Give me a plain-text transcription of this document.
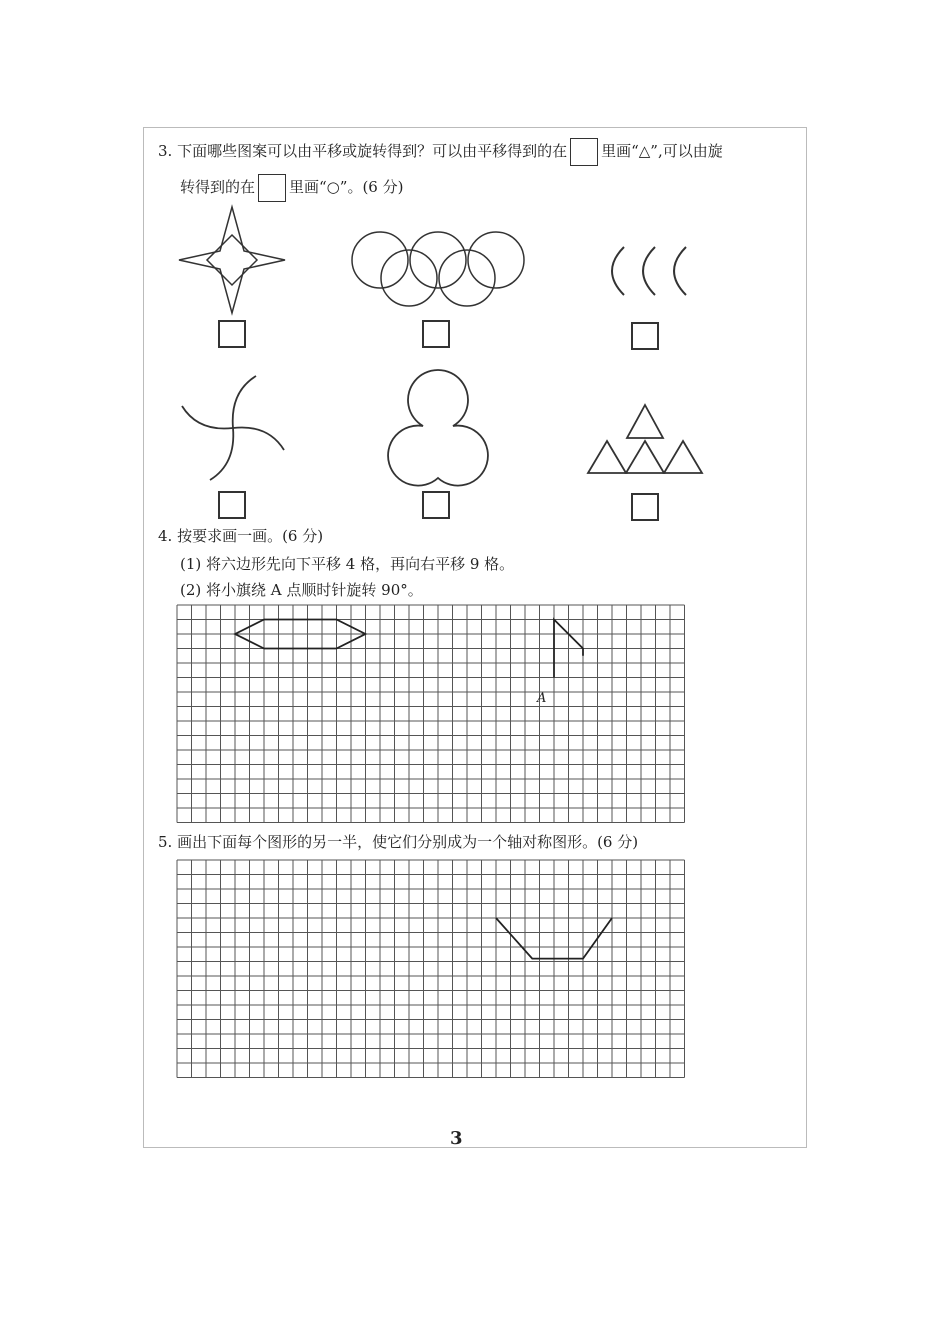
3. 下面哪些图案可以由平移或旋转得到？可以由平移得到的在 里画“△”,可以由旋
转得到的在 里画“○”。(6 分)
4. 按要求画一画。(6 分)
(1) 将六边形先向下平移 4 格，再向右平移 9 格。
(2) 将小旗绕 A 点顺时针旋转 90°。
A
5. 画出下面每个图形的另一半，使它们分别成为一个轴对称图形。(6 分)
3
